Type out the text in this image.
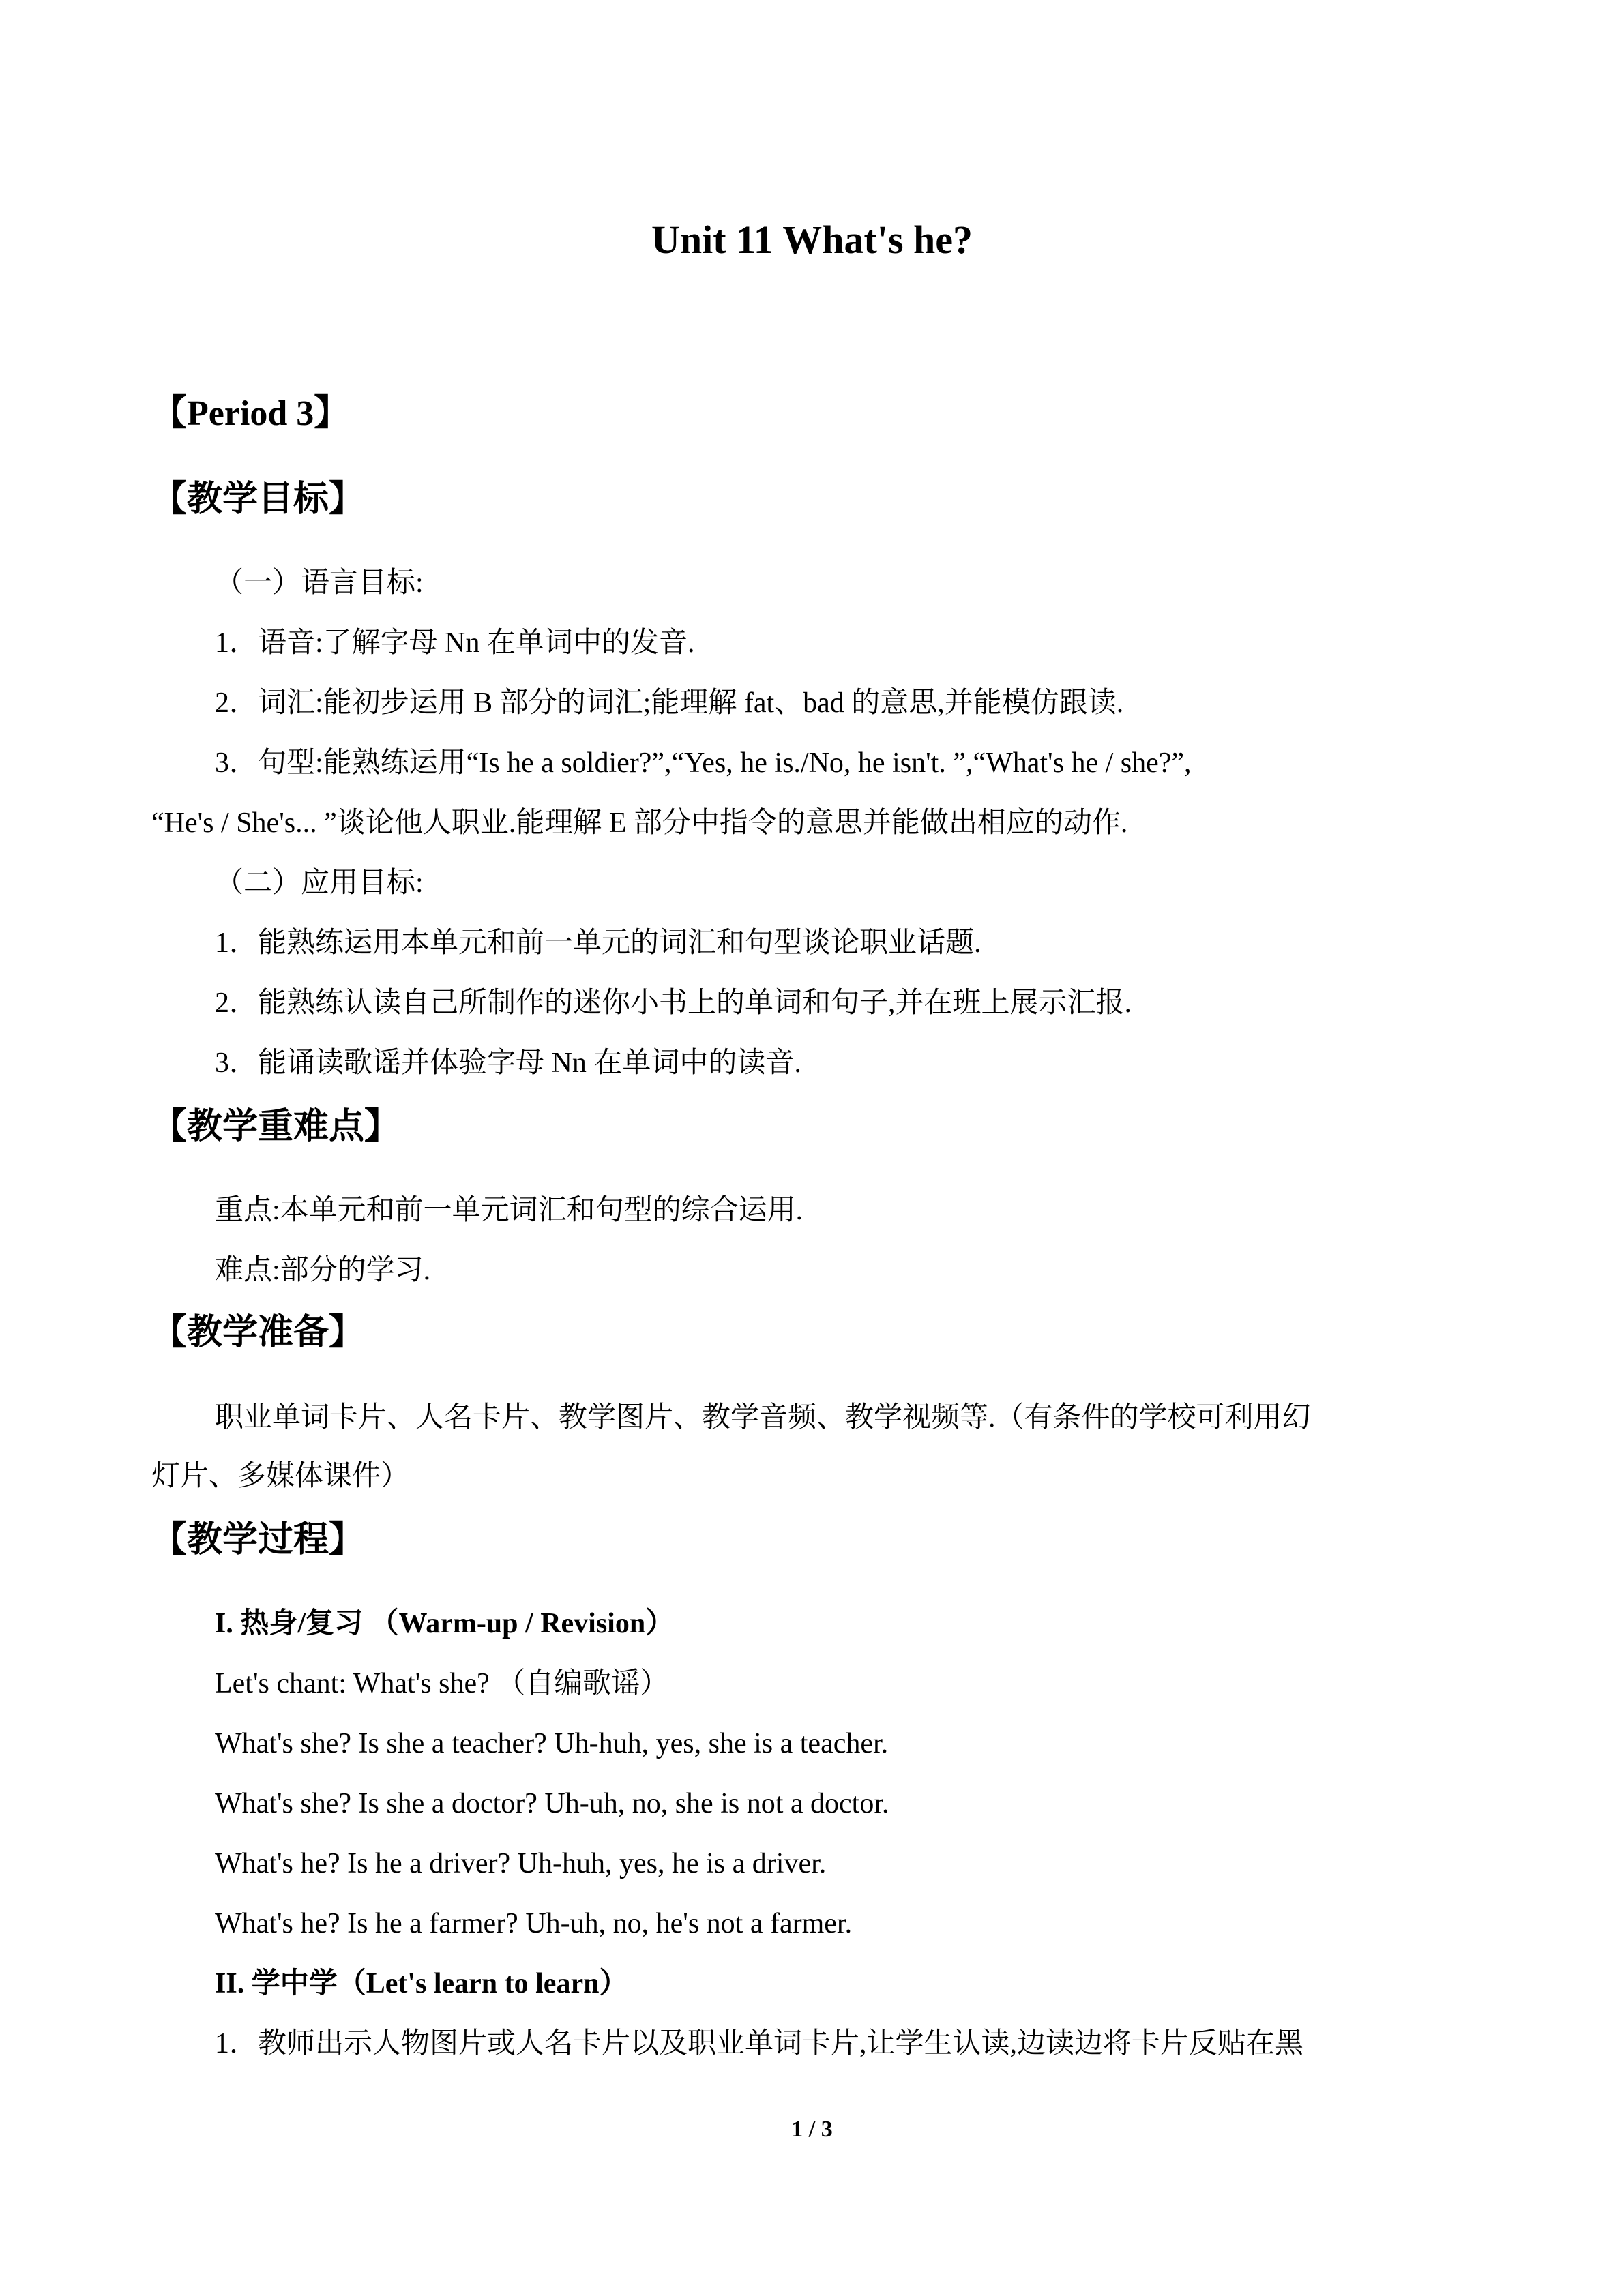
Unit 11 What's he?
【Period 3】
【教学目标】
（一）语言目标:
1．语音:了解字母 Nn 在单词中的发音.
2．词汇:能初步运用 B 部分的词汇;能理解 fat、bad 的意思,并能模仿跟读.
3．句型:能熟练运用“Is he a soldier?”,“Yes, he is./No, he isn't. ”,“What's he / she?”,
“He's / She's... ”谈论他人职业.能理解 E 部分中指令的意思并能做出相应的动作.
（二）应用目标:
1．能熟练运用本单元和前一单元的词汇和句型谈论职业话题.
2．能熟练认读自己所制作的迷你小书上的单词和句子,并在班上展示汇报.
3．能诵读歌谣并体验字母 Nn 在单词中的读音.
【教学重难点】
重点:本单元和前一单元词汇和句型的综合运用.
难点:部分的学习.
【教学准备】
职业单词卡片、人名卡片、教学图片、教学音频、教学视频等.（有条件的学校可利用幻
灯片、多媒体课件）
【教学过程】
I. 热身/复习 （Warm-up / Revision）
Let's chant: What's she? （自编歌谣）
What's she? Is she a teacher? Uh-huh, yes, she is a teacher.
What's she? Is she a doctor? Uh-uh, no, she is not a doctor.
What's he? Is he a driver? Uh-huh, yes, he is a driver.
What's he? Is he a farmer? Uh-uh, no, he's not a farmer.
II. 学中学（Let's learn to learn）
1．教师出示人物图片或人名卡片以及职业单词卡片,让学生认读,边读边将卡片反贴在黑
1 / 3
